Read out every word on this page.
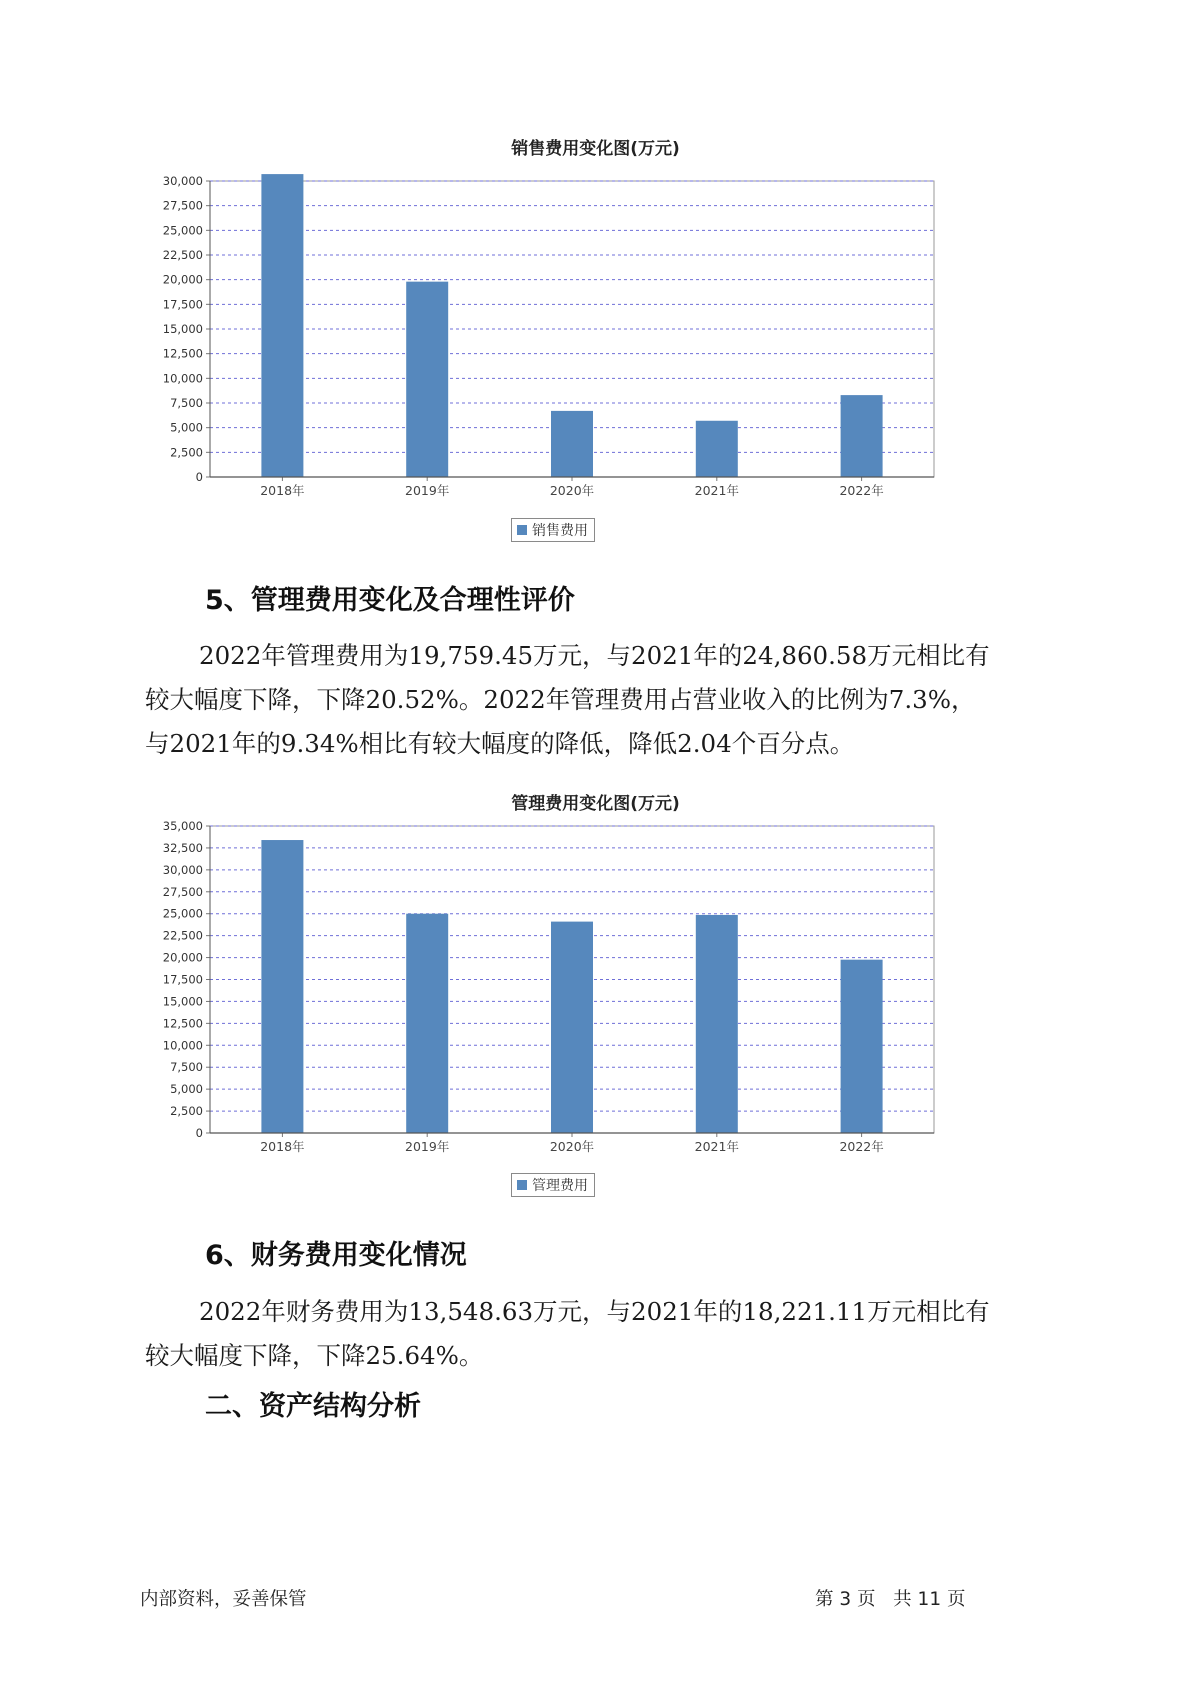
销售费用变化图(万元)
0
2,500
5,000
7,500
10,000
12,500
15,000
17,500
20,000
22,500
25,000
27,500
30,000
2018年	2019年	2020年	2021年	2022年
销售费用
5、管理费用变化及合理性评价

2022年管理费用为19,759.45万元，与2021年的24,860.58万元相比有
较大幅度下降，下降20.52%。2022年管理费用占营业收入的比例为7.3%，
与2021年的9.34%相比有较大幅度的降低，降低2.04个百分点。

管理费用变化图(万元)
0
2,500
5,000
7,500
10,000
12,500
15,000
17,500
20,000
22,500
25,000
27,500
30,000
32,500
35,000
2018年	2019年	2020年	2021年	2022年
管理费用
6、财务费用变化情况

2022年财务费用为13,548.63万元，与2021年的18,221.11万元相比有
较大幅度下降，下降25.64%。

二、资产结构分析
内部资料，妥善保管	第 3 页   共 11 页
